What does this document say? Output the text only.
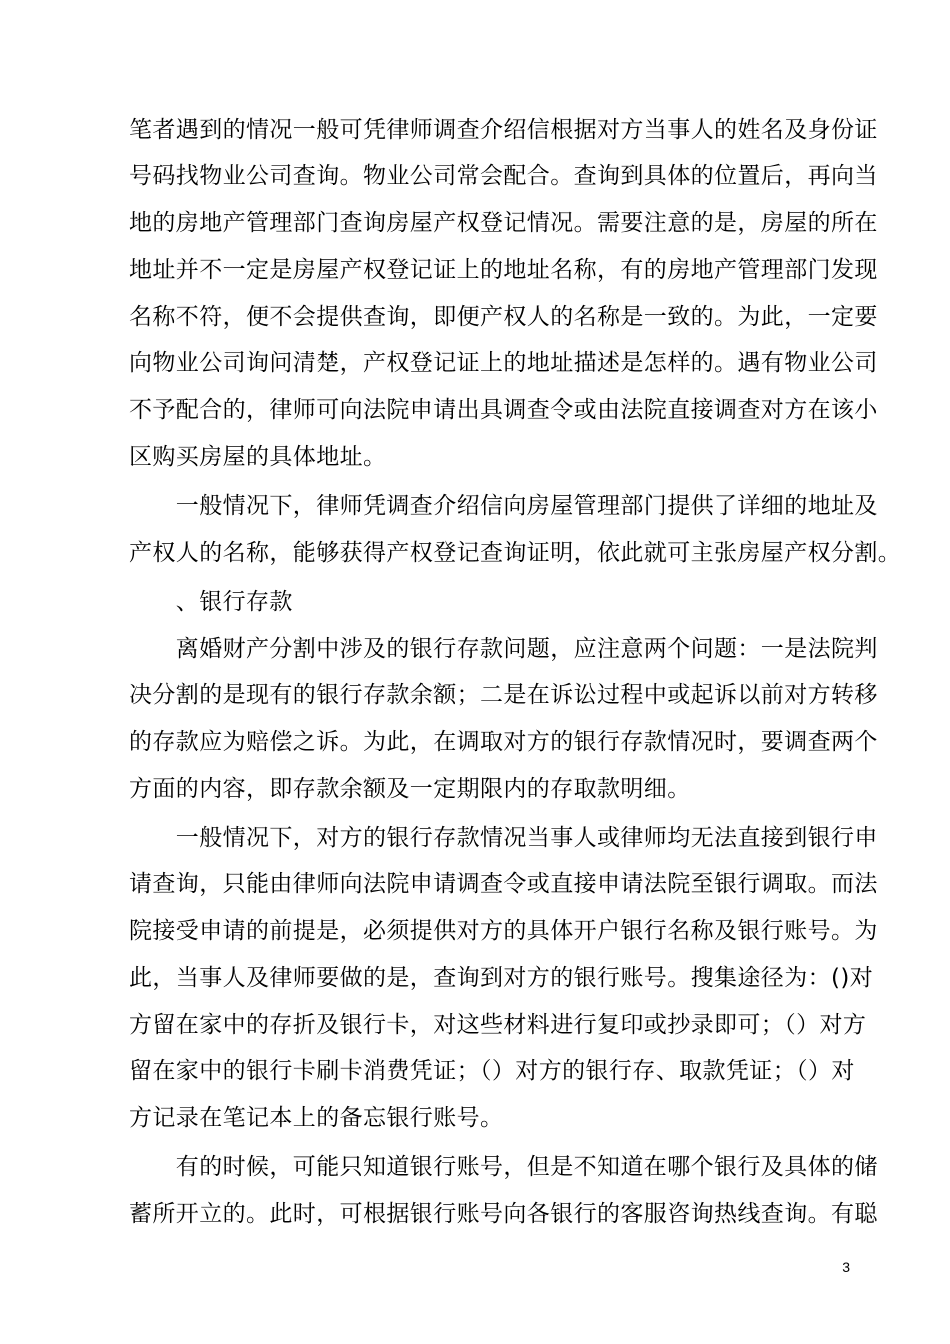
笔者遇到的情况一般可凭律师调查介绍信根据对方当事人的姓名及身份证
号码找物业公司查询。物业公司常会配合。查询到具体的位置后，再向当
地的房地产管理部门查询房屋产权登记情况。需要注意的是，房屋的所在
地址并不一定是房屋产权登记证上的地址名称，有的房地产管理部门发现
名称不符，便不会提供查询，即便产权人的名称是一致的。为此，一定要
向物业公司询问清楚，产权登记证上的地址描述是怎样的。遇有物业公司
不予配合的，律师可向法院申请出具调查令或由法院直接调查对方在该小
区购买房屋的具体地址。
　　一般情况下，律师凭调查介绍信向房屋管理部门提供了详细的地址及
产权人的名称，能够获得产权登记查询证明，依此就可主张房屋产权分割。
　　、银行存款
　　离婚财产分割中涉及的银行存款问题，应注意两个问题：一是法院判
决分割的是现有的银行存款余额；二是在诉讼过程中或起诉以前对方转移
的存款应为赔偿之诉。为此，在调取对方的银行存款情况时，要调查两个
方面的内容，即存款余额及一定期限内的存取款明细。
　　一般情况下，对方的银行存款情况当事人或律师均无法直接到银行申
请查询，只能由律师向法院申请调查令或直接申请法院至银行调取。而法
院接受申请的前提是，必须提供对方的具体开户银行名称及银行账号。为
此，当事人及律师要做的是，查询到对方的银行账号。搜集途径为：()对
方留在家中的存折及银行卡，对这些材料进行复印或抄录即可；（）对方
留在家中的银行卡刷卡消费凭证；（）对方的银行存、取款凭证；（）对
方记录在笔记本上的备忘银行账号。
　　有的时候，可能只知道银行账号，但是不知道在哪个银行及具体的储
蓄所开立的。此时，可根据银行账号向各银行的客服咨询热线查询。有聪
3
